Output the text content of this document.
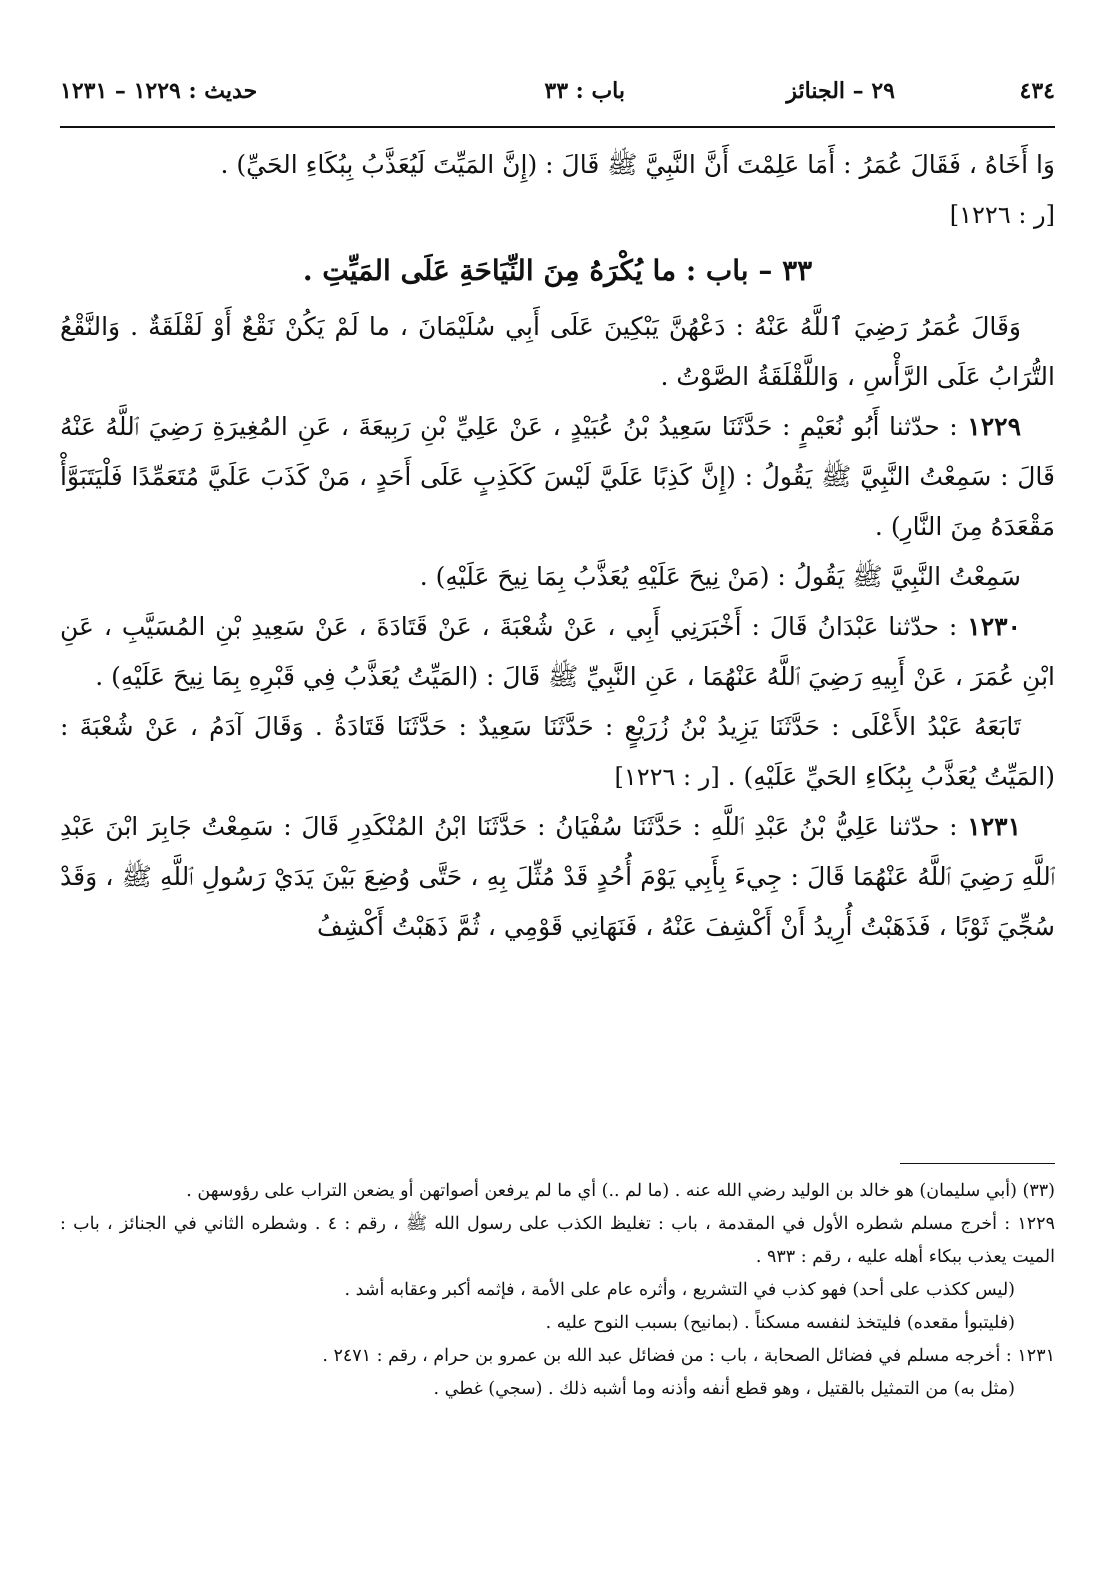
٤٣٤
٢٩ – الجنائز
باب : ٣٣
حديث : ١٢٢٩ – ١٢٣١

وَا أَخَاهُ ، فَقَالَ عُمَرُ : أَمَا عَلِمْتَ أَنَّ النَّبِيَّ ﷺ قَالَ : (إِنَّ المَيِّتَ لَيُعَذَّبُ بِبُكَاءِ الحَيِّ) .

[ر : ١٢٢٦]

٣٣ – باب : ما يُكْرَهُ مِنَ النِّيَاحَةِ عَلَى المَيِّتِ .

وَقَالَ عُمَرُ رَضِيَ ٱللَّهُ عَنْهُ : دَعْهُنَّ يَبْكِينَ عَلَى أَبِي سُلَيْمَانَ ، ما لَمْ يَكُنْ نَقْعٌ أَوْ لَقْلَقَةٌ . وَالنَّقْعُ التُّرَابُ عَلَى الرَّأْسِ ، وَاللَّقْلَقَةُ الصَّوْتُ .

١٢٢٩ : حدّثنا أَبُو نُعَيْمٍ : حَدَّثَنَا سَعِيدُ بْنُ عُبَيْدٍ ، عَنْ عَلِيِّ بْنِ رَبِيعَةَ ، عَنِ المُغِيرَةِ رَضِيَ ٱللَّهُ عَنْهُ قَالَ : سَمِعْتُ النَّبِيَّ ﷺ يَقُولُ : (إِنَّ كَذِبًا عَلَيَّ لَيْسَ كَكَذِبٍ عَلَى أَحَدٍ ، مَنْ كَذَبَ عَلَيَّ مُتَعَمِّدًا فَلْيَتَبَوَّأْ مَقْعَدَهُ مِنَ النَّارِ) .

سَمِعْتُ النَّبِيَّ ﷺ يَقُولُ : (مَنْ نِيحَ عَلَيْهِ يُعَذَّبُ بِمَا نِيحَ عَلَيْهِ) .

١٢٣٠ : حدّثنا عَبْدَانُ قَالَ : أَخْبَرَنِي أَبِي ، عَنْ شُعْبَةَ ، عَنْ قَتَادَةَ ، عَنْ سَعِيدِ بْنِ المُسَيَّبِ ، عَنِ ابْنِ عُمَرَ ، عَنْ أَبِيهِ رَضِيَ ٱللَّهُ عَنْهُمَا ، عَنِ النَّبِيِّ ﷺ قَالَ : (المَيِّتُ يُعَذَّبُ فِي قَبْرِهِ بِمَا نِيحَ عَلَيْهِ) .

تَابَعَهُ عَبْدُ الأَعْلَى : حَدَّثَنَا يَزِيدُ بْنُ زُرَيْعٍ : حَدَّثَنَا سَعِيدٌ : حَدَّثَنَا قَتَادَةُ . وَقَالَ آدَمُ ، عَنْ شُعْبَةَ : (المَيِّتُ يُعَذَّبُ بِبُكَاءِ الحَيِّ عَلَيْهِ) . [ر : ١٢٢٦]

١٢٣١ : حدّثنا عَلِيُّ بْنُ عَبْدِ ٱللَّهِ : حَدَّثَنَا سُفْيَانُ : حَدَّثَنَا ابْنُ المُنْكَدِرِ قَالَ : سَمِعْتُ جَابِرَ ابْنَ عَبْدِ ٱللَّهِ رَضِيَ ٱللَّهُ عَنْهُمَا قَالَ : جِيءَ بِأَبِي يَوْمَ أُحُدٍ قَدْ مُثِّلَ بِهِ ، حَتَّى وُضِعَ بَيْنَ يَدَيْ رَسُولِ ٱللَّهِ ﷺ ، وَقَدْ سُجِّيَ ثَوْبًا ، فَذَهَبْتُ أُرِيدُ أَنْ أَكْشِفَ عَنْهُ ، فَنَهَانِي قَوْمِي ، ثُمَّ ذَهَبْتُ أَكْشِفُ

(٣٣) (أبي سليمان) هو خالد بن الوليد رضي الله عنه . (ما لم ..) أي ما لم يرفعن أصواتهن أو يضعن التراب على رؤوسهن .

١٢٢٩ : أخرج مسلم شطره الأول في المقدمة ، باب : تغليظ الكذب على رسول الله ﷺ ، رقم : ٤ . وشطره الثاني في الجنائز ، باب : الميت يعذب ببكاء أهله عليه ، رقم : ٩٣٣ .

(ليس ككذب على أحد) فهو كذب في التشريع ، وأثره عام على الأمة ، فإثمه أكبر وعقابه أشد .

(فليتبوأ مقعده) فليتخذ لنفسه مسكناً . (بمانيح) بسبب النوح عليه .

١٢٣١ : أخرجه مسلم في فضائل الصحابة ، باب : من فضائل عبد الله بن عمرو بن حرام ، رقم : ٢٤٧١ .

(مثل به) من التمثيل بالقتيل ، وهو قطع أنفه وأذنه وما أشبه ذلك . (سجي) غطي .
